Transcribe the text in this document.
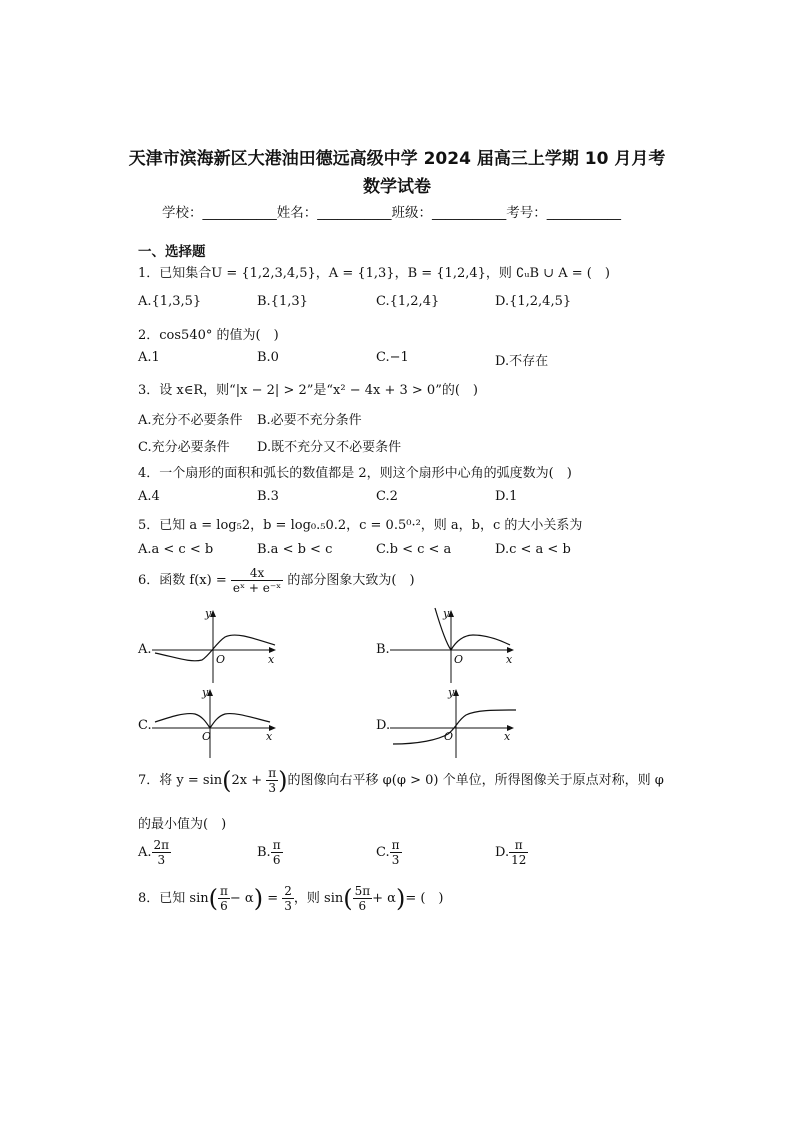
天津市滨海新区大港油田德远高级中学 2024 届高三上学期 10 月月考
数学试卷
学校：___________姓名：___________班级：___________考号：___________
一、选择题
1．已知集合U = {1,2,3,4,5}，A = {1,3}，B = {1,2,4}，则 ∁ᵤB ∪ A = (　)
A.{1,3,5}	B.{1,3}	C.{1,2,4}	D.{1,2,4,5}
2．cos540° 的值为(　)
A.1	B.0	C.−1	D.不存在
3．设 x∈R，则“|x − 2| > 2”是“x² − 4x + 3 > 0”的(　)
A.充分不必要条件 B.必要不充分条件
C.充分必要条件 D.既不充分又不必要条件
4．一个扇形的面积和弧长的数值都是 2，则这个扇形中心角的弧度数为(　)
A.4	B.3	C.2	D.1
5．已知 a = log₅2，b = log₀.₅0.2，c = 0.5⁰·²，则 a，b，c 的大小关系为
A.a < c < b	B.a < b < c	C.b < c < a	D.c < a < b
6．函数 $f(x) = \frac{4x}{\text{eˣ + e⁻ˣ}}$ 的部分图象大致为(　)
A.	B.
C.	D.
y
x
O
y
x
O
y
x
O
y
x
O
7．将 $y = \sin(2x + \frac{\pi}{3}$ )的图像向右平移 φ(φ > 0) 个单位，所得图像关于原点对称，则 φ
的最小值为(　)
A. $\frac{2\pi}{3}$	B. $\frac{\pi}{6}$	C. $\frac{\pi}{3}$	D. $\frac{\pi}{12}$
8．已知 $\sin( \frac{\pi}{6} - \alpha) = \frac{2}{3}$ ，则 $\sin( \frac{5\pi}{6} + \alpha)=$ (　)
